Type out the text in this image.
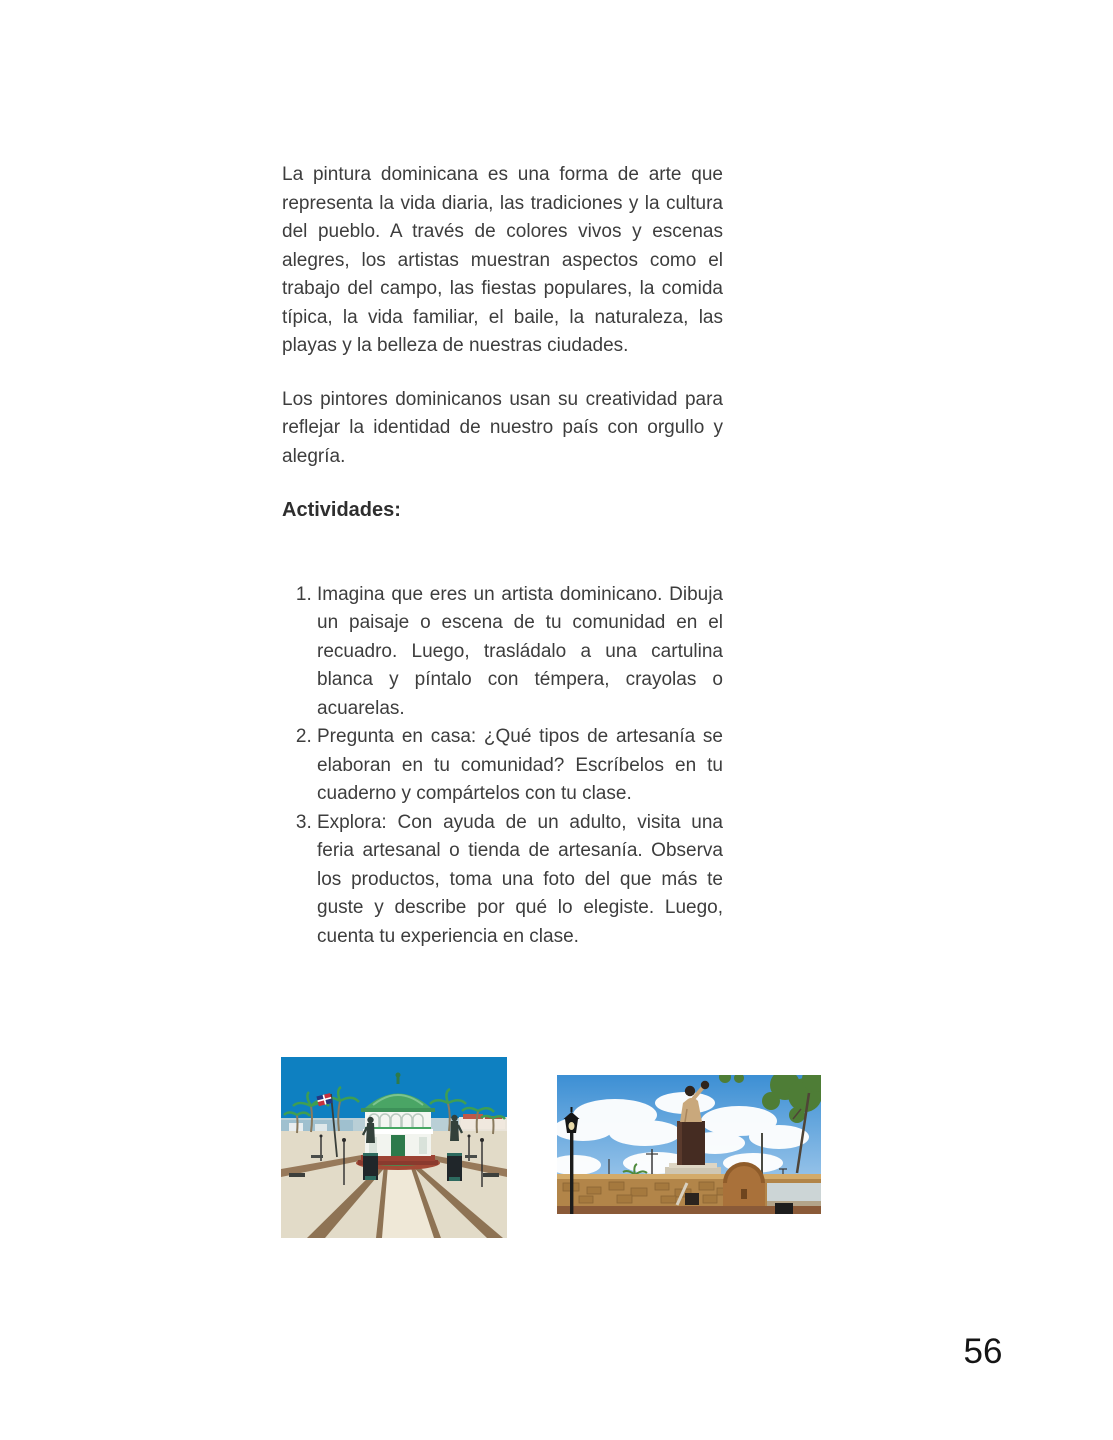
La pintura dominicana es una forma de arte que representa la vida diaria, las tradiciones y la cultura del pueblo. A través de colores vivos y escenas alegres, los artistas muestran aspectos como el trabajo del campo, las fiestas populares, la comida típica, la vida familiar, el baile, la naturaleza, las playas y la belleza de nuestras ciudades.

Los pintores dominicanos usan su creatividad para reflejar la identidad de nuestro país con orgullo y alegría.

Actividades:
1. Imagina que eres un artista dominicano. Dibuja un paisaje o escena de tu comunidad en el recuadro. Luego, trasládalo a una cartulina blanca y píntalo con témpera, crayolas o acuarelas.
2. Pregunta en casa: ¿Qué tipos de artesanía se elaboran en tu comunidad? Escríbelos en tu cuaderno y compártelos con tu clase.
3. Explora: Con ayuda de un adulto, visita una feria artesanal o tienda de artesanía. Observa los productos, toma una foto del que más te guste y describe por qué lo elegiste. Luego, cuenta tu experiencia en clase.
56
